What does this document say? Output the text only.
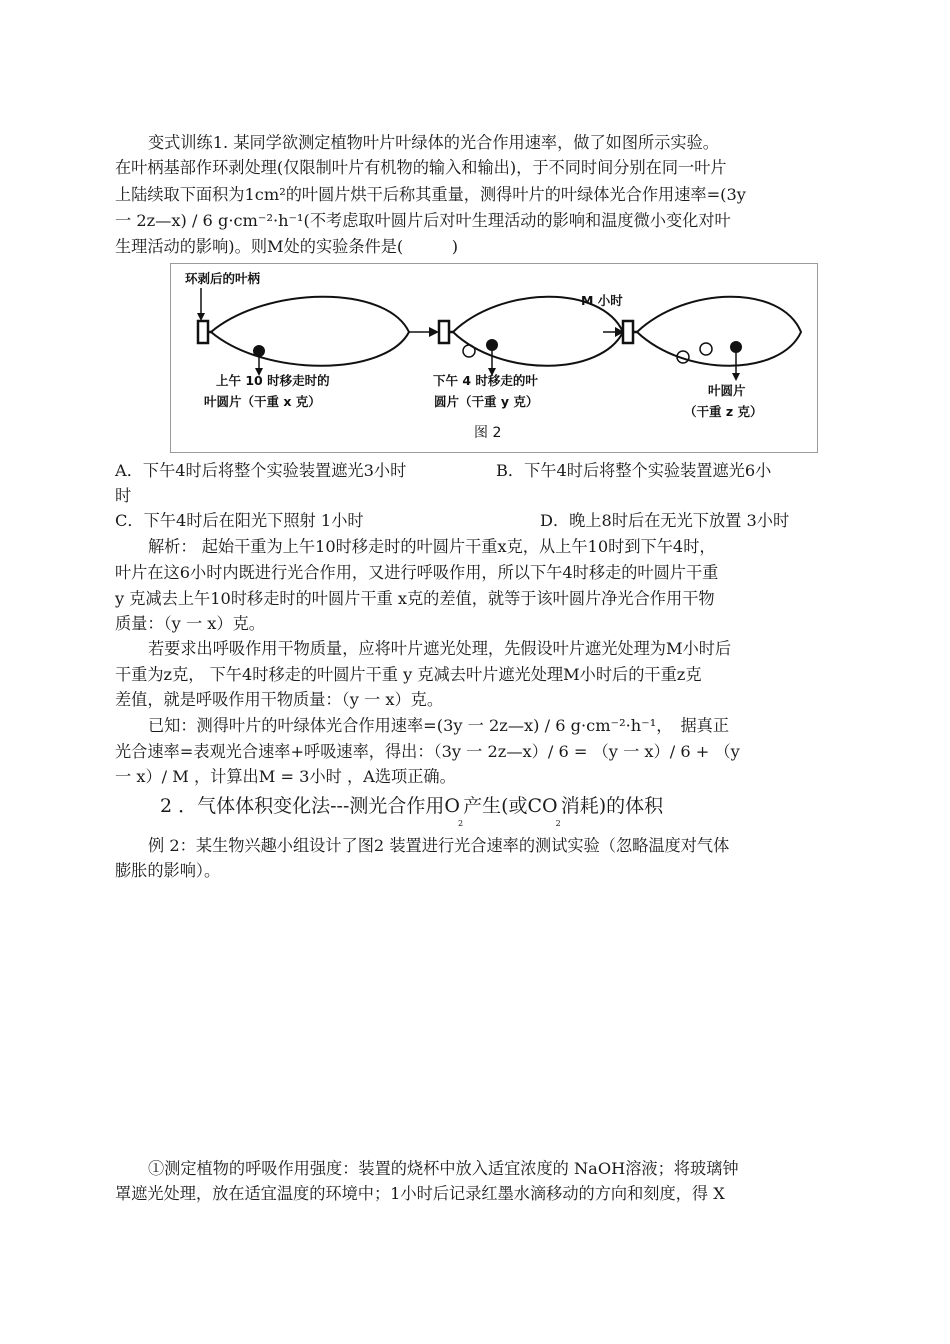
变式训练1. 某同学欲测定植物叶片叶绿体的光合作用速率，做了如图所示实验。
在叶柄基部作环剥处理(仅限制叶片有机物的输入和输出)，于不同时间分别在同一叶片
上陆续取下面积为1cm²的叶圆片烘干后称其重量，测得叶片的叶绿体光合作用速率=(3y
一 2z—x) / 6 g·cm⁻²·h⁻¹(不考虑取叶圆片后对叶生理活动的影响和温度微小变化对叶
生理活动的影响)。则M处的实验条件是(　　　)
环剥后的叶柄
M 小时
上午 10 时移走时的
叶圆片（干重 x 克）
下午 4 时移走的叶
圆片（干重 y 克）
叶圆片
（干重 z 克）
图 2
A．下午4时后将整个实验装置遮光3小时	B．下午4时后将整个实验装置遮光6小
时
C．下午4时后在阳光下照射 1小时	D．晚上8时后在无光下放置 3小时
解析： 起始干重为上午10时移走时的叶圆片干重x克，从上午10时到下午4时，
叶片在这6小时内既进行光合作用，又进行呼吸作用，所以下午4时移走的叶圆片干重
y 克减去上午10时移走时的叶圆片干重 x克的差值，就等于该叶圆片净光合作用干物
质量：（y 一 x）克。
若要求出呼吸作用干物质量，应将叶片遮光处理，先假设叶片遮光处理为M小时后
干重为z克， 下午4时移走的叶圆片干重 y 克减去叶片遮光处理M小时后的干重z克
差值，就是呼吸作用干物质量：（y 一 x）克。
已知：测得叶片的叶绿体光合作用速率=(3y 一 2z—x) / 6 g·cm⁻²·h⁻¹，　据真正
光合速率=表观光合速率+呼吸速率，得出：（3y 一 2z—x）/ 6 = （y 一 x）/ 6 + （y
一 x）/ M ，计算出M = 3小时 ，A选项正确。
2 ．气体体积变化法---测光合作用$O_2$产生(或$CO_2$消耗)的体积
例 2：某生物兴趣小组设计了图2 装置进行光合速率的测试实验（忽略温度对气体
膨胀的影响）。
①测定植物的呼吸作用强度：装置的烧杯中放入适宜浓度的 NaOH溶液；将玻璃钟
罩遮光处理，放在适宜温度的环境中；1小时后记录红墨水滴移动的方向和刻度，得 X
